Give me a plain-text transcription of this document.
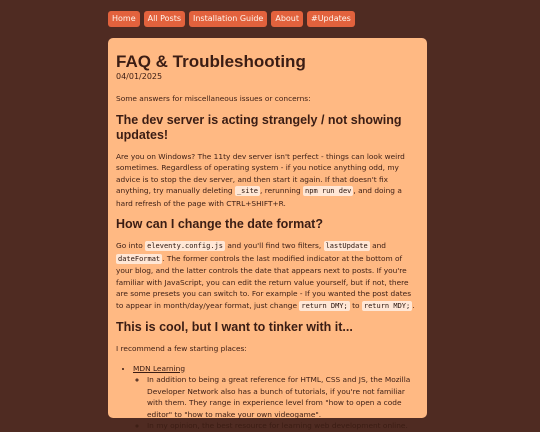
Home	All Posts	Installation Guide	About	#Updates
FAQ & Troubleshooting
04/01/2025

Some answers for miscellaneous issues or concerns:

The dev server is acting strangely / not showing updates!

Are you on Windows? The 11ty dev server isn't perfect - things can look weird sometimes. Regardless of operating system - if you notice anything odd, my advice is to stop the dev server, and then start it again. If that doesn't fix anything, try manually deleting _site , rerunning npm run dev , and doing a hard refresh of the page with CTRL+SHIFT+R.

How can I change the date format?

Go into eleventy.config.js and you'll find two filters, lastUpdate and dateFormat . The former controls the last modified indicator at the bottom of your blog, and the latter controls the date that appears next to posts. If you're familiar with JavaScript, you can edit the return value yourself, but if not, there are some presets you can switch to. For example - If you wanted the post dates to appear in month/day/year format, just change return DMY; to return MDY; .

This is cool, but I want to tinker with it...

I recommend a few starting places:

• MDN Learning
◦ In addition to being a great reference for HTML, CSS and JS, the Mozilla Developer Network also has a bunch of tutorials, if you're not familiar with them. They range in experience level from "how to open a code editor" to "how to make your own videogame".
◦ In my opinion, the best resource for learning web development online.
